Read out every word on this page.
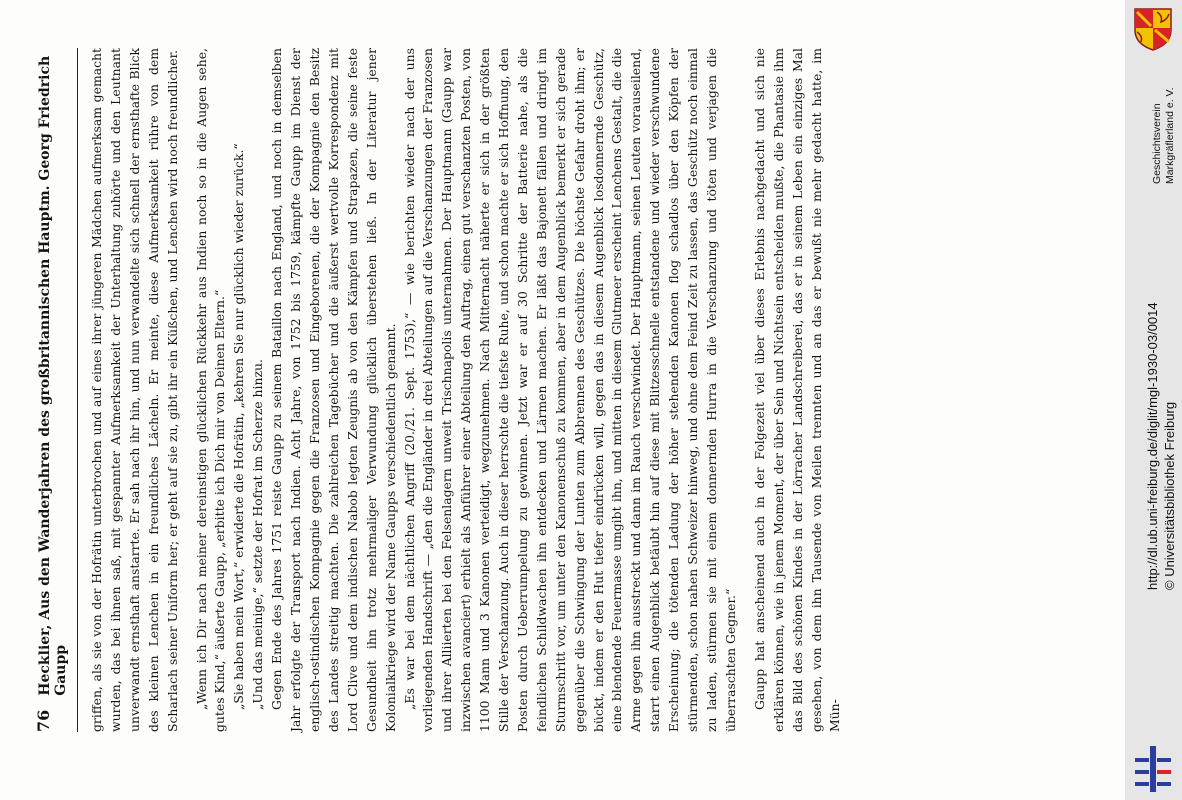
76
Hecklier, Aus den Wanderjahren des großbritannischen Hauptm. Georg Friedrich Gaupp griffen, als sie von der Hofrätin unterbrochen und auf eines ihrer jüngeren Mädchen aufmerksam gemacht wurden, das bei ihnen saß, mit gespannter Aufmerksamkeit der Unterhaltung zuhörte und den Leutnant unverwandt ernsthaft anstarrte. Er sah nach ihr hin, und nun verwandelte sich schnell der ernsthafte Blick des kleinen Lenchen in ein freundliches Lächeln. Er meinte, diese Aufmerksamkeit rühre von dem Scharlach seiner Uniform her; er geht auf sie zu, gibt ihr ein Küßchen, und Lenchen wird noch freundlicher. „Wenn ich Dir nach meiner dereinstigen glücklichen Rückkehr aus Indien noch so in die Augen sehe, gutes Kind,“ äußerte Gaupp, „erbitte ich Dich mir von Deinen Eltern.“ „Sie haben mein Wort,“ erwiderte die Hofrätin, „kehren Sie nur glücklich wieder zurück.“ „Und das meinige,“ setzte der Hofrat im Scherze hinzu. Gegen Ende des Jahres 1751 reiste Gaupp zu seinem Bataillon nach England, und noch in demselben Jahr erfolgte der Transport nach Indien. Acht Jahre, von 1752 bis 1759, kämpfte Gaupp im Dienst der englisch-ostindischen Kompagnie gegen die Franzosen und Eingeborenen, die der Kompagnie den Besitz des Landes streitig machten. Die zahlreichen Tagebücher und die äußerst wertvolle Korrespondenz mit Lord Clive und dem indischen Nabob legten Zeugnis ab von den Kämpfen und Strapazen, die seine feste Gesundheit ihn trotz mehrmaliger Verwundung glücklich überstehen ließ. In der Literatur jener Kolonialkriege wird der Name Gaupps verschiedentlich genannt. „Es war bei dem nächtlichen Angriff (20./21. Sept. 1753),“ — wie berichten wieder nach der uns vorliegenden Handschrift — „den die Engländer in drei Abteilungen auf die Verschanzungen der Franzosen und ihrer Alliierten bei den Felsenlagern unweit Trischnapolis unternahmen. Der Hauptmann (Gaupp war inzwischen avanciert) erhielt als Anführer einer Abteilung den Auftrag, einen gut verschanzten Posten, von 1100 Mann und 3 Kanonen verteidigt, wegzunehmen. Nach Mitternacht näherte er sich in der größten Stille der Verschanzung. Auch in dieser herrschte die tiefste Ruhe, und schon machte er sich Hoffnung, den Posten durch Ueberrumpelung zu gewinnen. Jetzt war er auf 30 Schritte der Batterie nahe, als die feindlichen Schildwachen ihn entdecken und Lärmen machen. Er läßt das Bajonett fällen und dringt im Sturmschritt vor, um unter den Kanonenschuß zu kommen, aber in dem Augenblick bemerkt er sich gerade gegenüber die Schwingung der Lunten zum Abbrennen des Geschützes. Die höchste Gefahr droht ihm; er bückt, indem er den Hut tiefer eindrücken will, gegen das in diesem Augenblick losdonnernde Geschütz, eine blendende Feuermasse umgibt ihn, und mitten in diesem Glutmeer erscheint Lenchens Gestalt, die die Arme gegen ihn ausstreckt und dann im Rauch verschwindet. Der Hauptmann, seinen Leuten vorauseilend, starrt einen Augenblick betäubt hin auf diese mit Blitzesschnelle entstandene und wieder verschwundene Erscheinung; die tötenden Ladung der höher stehenden Kanonen flog schadlos über den Köpfen der stürmenden, schon nahen Schweizer hinweg, und ohne dem Feind Zeit zu lassen, das Geschütz noch einmal zu laden, stürmen sie mit einem donnernden Hurra in die Verschanzung und töten und verjagen die überraschten Gegner.“ Gaupp hat anscheinend auch in der Folgezeit viel über dieses Erlebnis nachgedacht und sich nie erklären können, wie in jenem Moment, der über Sein und Nichtsein entscheiden mußte, die Phantasie ihm das Bild des schönen Kindes in der Lörracher Landschreiberei, das er in seinem Leben ein einziges Mal gesehen, von dem ihn Tausende von Meilen trennten und an das er bewußt nie mehr gedacht hatte, im Mün-

Geschichtsverein Markgräflerland e. V.
http://dl.ub.uni-freiburg.de/diglit/mgl-1930-03/0014 © Universitätsbibliothek Freiburg
